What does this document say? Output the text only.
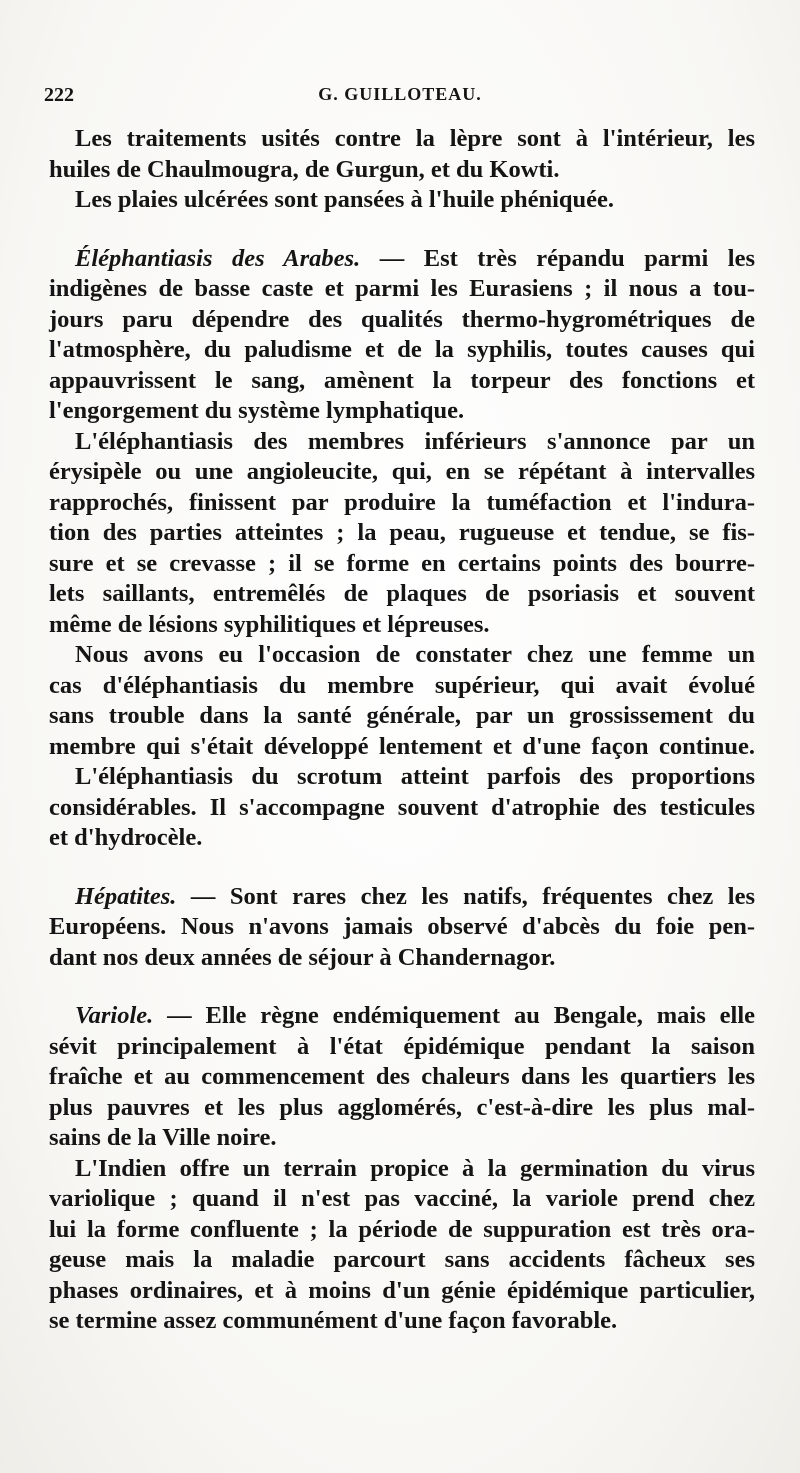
222	G. GUILLOTEAU.
Les traitements usités contre la lèpre sont à l'intérieur, les
huiles de Chaulmougra, de Gurgun, et du Kowti.
Les plaies ulcérées sont pansées à l'huile phéniquée.
Éléphantiasis des Arabes. — Est très répandu parmi les
indigènes de basse caste et parmi les Eurasiens ; il nous a tou-
jours paru dépendre des qualités thermo-hygrométriques de
l'atmosphère, du paludisme et de la syphilis, toutes causes qui
appauvrissent le sang, amènent la torpeur des fonctions et
l'engorgement du système lymphatique.
L'éléphantiasis des membres inférieurs s'annonce par un
érysipèle ou une angioleucite, qui, en se répétant à intervalles
rapprochés, finissent par produire la tuméfaction et l'indura-
tion des parties atteintes ; la peau, rugueuse et tendue, se fis-
sure et se crevasse ; il se forme en certains points des bourre-
lets saillants, entremêlés de plaques de psoriasis et souvent
même de lésions syphilitiques et lépreuses.
Nous avons eu l'occasion de constater chez une femme un
cas d'éléphantiasis du membre supérieur, qui avait évolué
sans trouble dans la santé générale, par un grossissement du
membre qui s'était développé lentement et d'une façon continue.
L'éléphantiasis du scrotum atteint parfois des proportions
considérables. Il s'accompagne souvent d'atrophie des testicules
et d'hydrocèle.
Hépatites. — Sont rares chez les natifs, fréquentes chez les
Européens. Nous n'avons jamais observé d'abcès du foie pen-
dant nos deux années de séjour à Chandernagor.
Variole. — Elle règne endémiquement au Bengale, mais elle
sévit principalement à l'état épidémique pendant la saison
fraîche et au commencement des chaleurs dans les quartiers les
plus pauvres et les plus agglomérés, c'est-à-dire les plus mal-
sains de la Ville noire.
L'Indien offre un terrain propice à la germination du virus
variolique ; quand il n'est pas vacciné, la variole prend chez
lui la forme confluente ; la période de suppuration est très ora-
geuse mais la maladie parcourt sans accidents fâcheux ses
phases ordinaires, et à moins d'un génie épidémique particulier,
se termine assez communément d'une façon favorable.
